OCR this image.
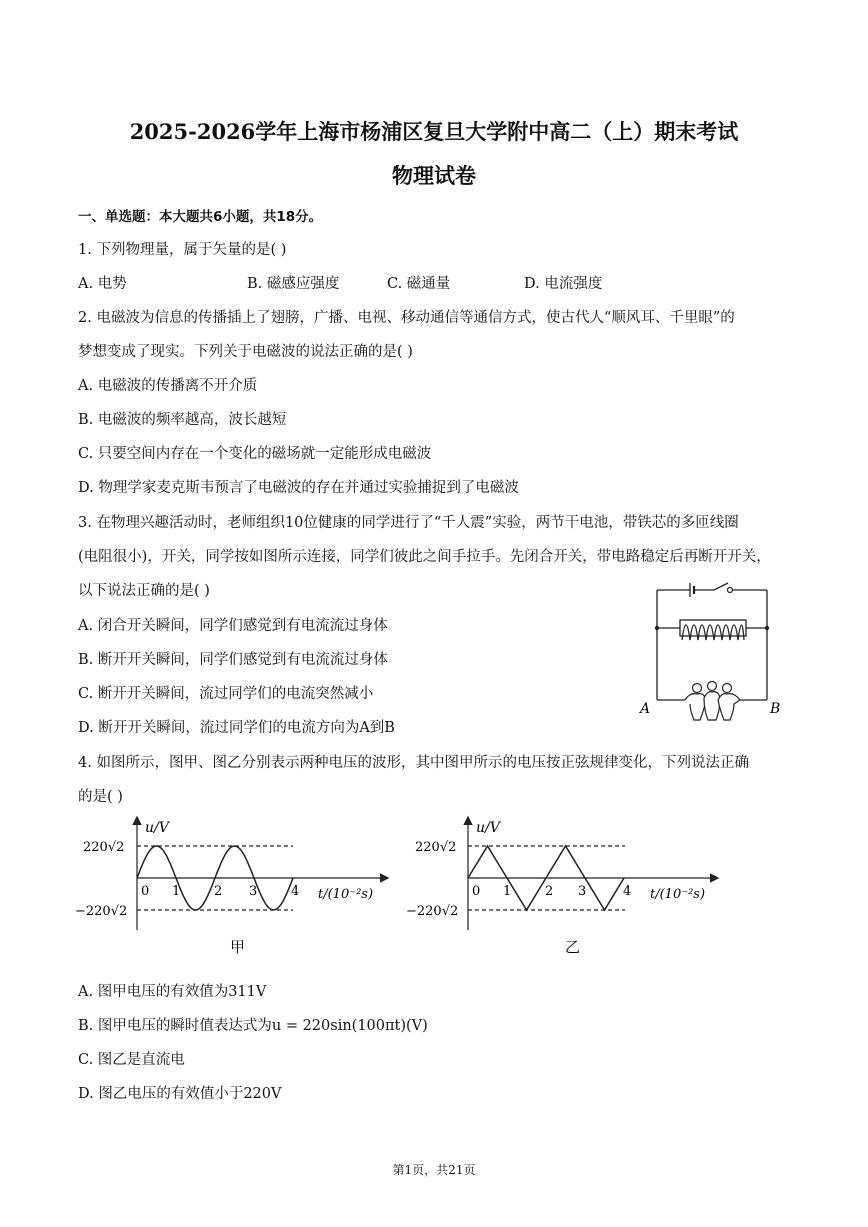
2025-2026学年上海市杨浦区复旦大学附中高二（上）期末考试
物理试卷
一、单选题：本大题共6小题，共18分。
1. 下列物理量，属于矢量的是( )
A. 电势	B. 磁感应强度	C. 磁通量	D. 电流强度
2. 电磁波为信息的传播插上了翅膀，广播、电视、移动通信等通信方式，使古代人“顺风耳、千里眼”的
梦想变成了现实。下列关于电磁波的说法正确的是( )
A. 电磁波的传播离不开介质
B. 电磁波的频率越高，波长越短
C. 只要空间内存在一个变化的磁场就一定能形成电磁波
D. 物理学家麦克斯韦预言了电磁波的存在并通过实验捕捉到了电磁波
3. 在物理兴趣活动时，老师组织10位健康的同学进行了“千人震”实验，两节干电池，带铁芯的多匝线圈
(电阻很小)，开关，同学按如图所示连接，同学们彼此之间手拉手。先闭合开关，带电路稳定后再断开开关，
以下说法正确的是( )
A. 闭合开关瞬间，同学们感觉到有电流流过身体
B. 断开开关瞬间，同学们感觉到有电流流过身体
C. 断开开关瞬间，流过同学们的电流突然减小
D. 断开开关瞬间，流过同学们的电流方向为A到B
A	B
4. 如图所示，图甲、图乙分别表示两种电压的波形，其中图甲所示的电压按正弦规律变化，下列说法正确
的是( )
u/V
220√2
−220√2
0 1	2 3	4 t/(10⁻²s)
甲
u/V
220√2
−220√2
0 1	2 3	4 t/(10⁻²s)
乙
A. 图甲电压的有效值为311V
B. 图甲电压的瞬时值表达式为u = 220sin(100πt)(V)
C. 图乙是直流电
D. 图乙电压的有效值小于220V
第1页，共21页
